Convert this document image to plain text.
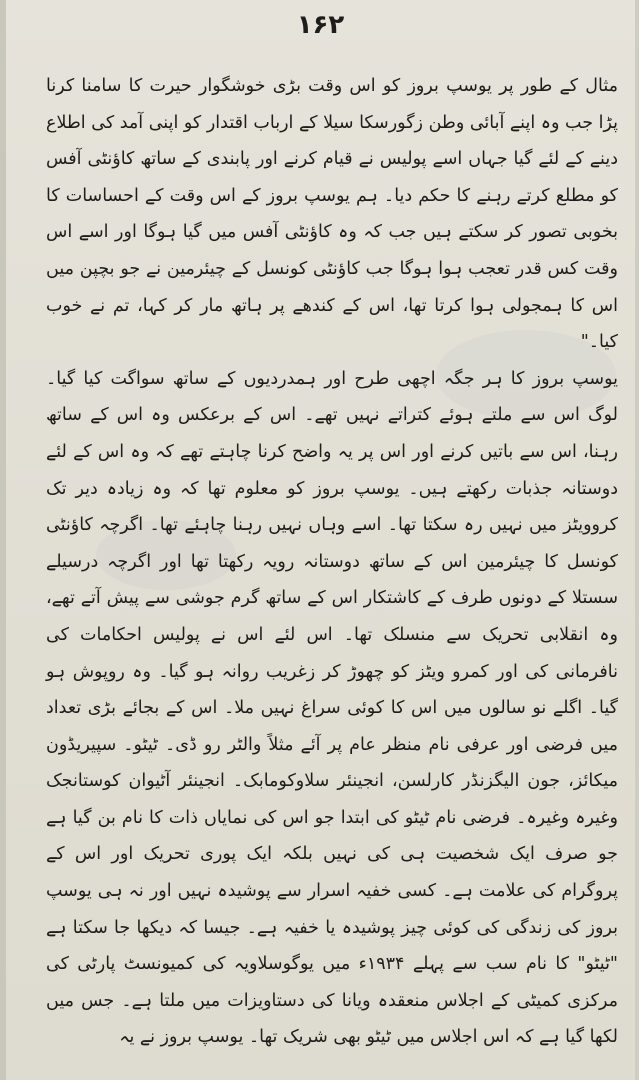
۱۶۲

مثال کے طور پر یوسپ بروز کو اس وقت بڑی خوشگوار حیرت کا سامنا کرنا پڑا جب وہ اپنے آبائی وطن زگورسکا سیلا کے ارباب اقتدار کو اپنی آمد کی اطلاع دینے کے لئے گیا جہاں اسے پولیس نے قیام کرنے اور پابندی کے ساتھ کاؤنٹی آفس کو مطلع کرتے رہنے کا حکم دیا۔ ہم یوسپ بروز کے اس وقت کے احساسات کا بخوبی تصور کر سکتے ہیں جب کہ وہ کاؤنٹی آفس میں گیا ہوگا اور اسے اس وقت کس قدر تعجب ہوا ہوگا جب کاؤنٹی کونسل کے چیئرمین نے جو بچپن میں اس کا ہمجولی ہوا کرتا تھا، اس کے کندھے پر ہاتھ مار کر کہا، تم نے خوب کیا۔"

یوسپ بروز کا ہر جگہ اچھی طرح اور ہمدردیوں کے ساتھ سواگت کیا گیا۔ لوگ اس سے ملتے ہوئے کتراتے نہیں تھے۔ اس کے برعکس وہ اس کے ساتھ رہنا، اس سے باتیں کرنے اور اس پر یہ واضح کرنا چاہتے تھے کہ وہ اس کے لئے دوستانہ جذبات رکھتے ہیں۔ یوسپ بروز کو معلوم تھا کہ وہ زیادہ دیر تک کروویٹز میں نہیں رہ سکتا تھا۔ اسے وہاں نہیں رہنا چاہئے تھا۔ اگرچہ کاؤنٹی کونسل کا چیئرمین اس کے ساتھ دوستانہ رویہ رکھتا تھا اور اگرچہ درسیلے سستلا کے دونوں طرف کے کاشتکار اس کے ساتھ گرم جوشی سے پیش آتے تھے، وہ انقلابی تحریک سے منسلک تھا۔ اس لئے اس نے پولیس احکامات کی نافرمانی کی اور کمرو ویٹز کو چھوڑ کر زغریب روانہ ہو گیا۔ وہ روپوش ہو گیا۔ اگلے نو سالوں میں اس کا کوئی سراغ نہیں ملا۔ اس کے بجائے بڑی تعداد میں فرضی اور عرفی نام منظر عام پر آئے مثلاً والٹر رو ڈی۔ ٹیٹو۔ سپیریڈون میکائز، جون الیگزنڈر کارلسن، انجینئر سلاوکومابک۔ انجینئر آٹیوان کوستانجک وغیرہ وغیرہ۔ فرضی نام ٹیٹو کی ابتدا جو اس کی نمایاں ذات کا نام بن گیا ہے جو صرف ایک شخصیت ہی کی نہیں بلکہ ایک پوری تحریک اور اس کے پروگرام کی علامت ہے۔ کسی خفیہ اسرار سے پوشیدہ نہیں اور نہ ہی یوسپ بروز کی زندگی کی کوئی چیز پوشیدہ یا خفیہ ہے۔ جیسا کہ دیکھا جا سکتا ہے "ٹیٹو" کا نام سب سے پہلے ۱۹۳۴ء میں یوگوسلاویہ کی کمیونسٹ پارٹی کی مرکزی کمیٹی کے اجلاس منعقدہ ویانا کی دستاویزات میں ملتا ہے۔ جس میں لکھا گیا ہے کہ اس اجلاس میں ٹیٹو بھی شریک تھا۔ یوسپ بروز نے یہ
